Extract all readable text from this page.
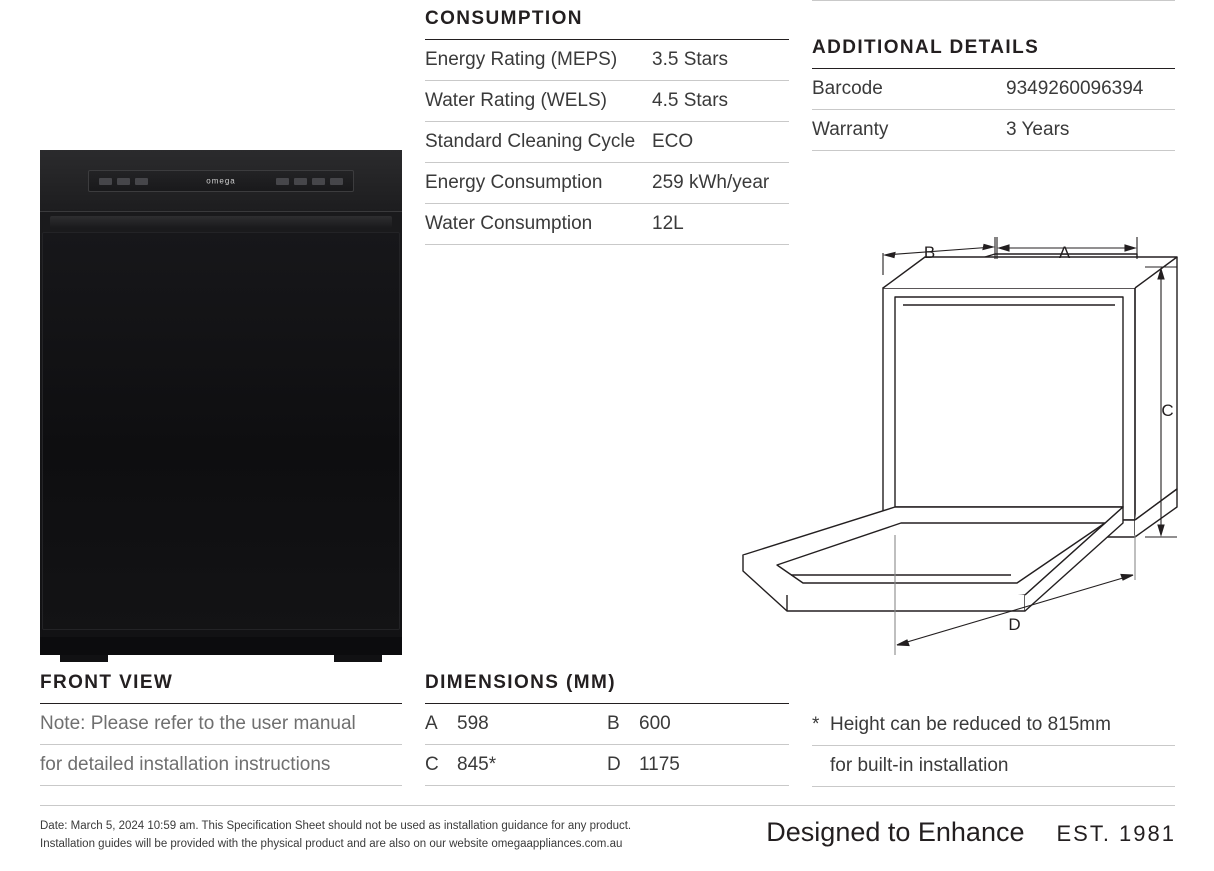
CONSUMPTION
Energy Rating (MEPS)	3.5 Stars
Water Rating (WELS)	4.5 Stars
Standard Cleaning Cycle ECO
Energy Consumption	259 kWh/year
Water Consumption	12L
ADDITIONAL DETAILS
Barcode	9349260096394
Warranty	3 Years
omega
FRONT VIEW
Note: Please refer to the user manual
for detailed installation instructions
DIMENSIONS (MM)
A	598	B	600
C 845*	D 1175
* Height can be reduced to 815mm
for built-in installation
B	A
C
D
Date: March 5, 2024 10:59 am. This Specification Sheet should not be used as installation guidance for any product.
Installation guides will be provided with the physical product and are also on our website omegaappliances.com.au	Designed to Enhance EST. 1981
